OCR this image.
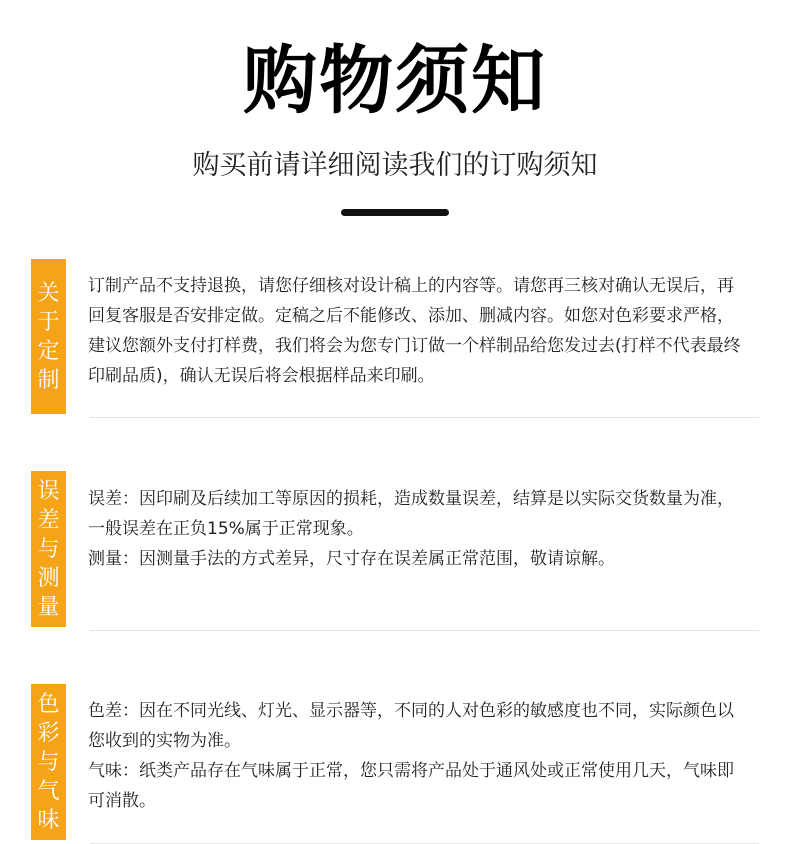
购物须知
购买前请详细阅读我们的订购须知
关
于
定
制

订制产品不支持退换，请您仔细核对设计稿上的内容等。请您再三核对确认无误后，再回复客服是否安排定做。定稿之后不能修改、添加、删减内容。如您对色彩要求严格，建议您额外支付打样费，我们将会为您专门订做一个样制品给您发过去(打样不代表最终印刷品质)，确认无误后将会根据样品来印刷。

误
差
与
测
量

误差：因印刷及后续加工等原因的损耗，造成数量误差，结算是以实际交货数量为准，一般误差在正负15%属于正常现象。

测量：因测量手法的方式差异，尺寸存在误差属正常范围，敬请谅解。

色
彩
与
气
味

色差：因在不同光线、灯光、显示器等，不同的人对色彩的敏感度也不同，实际颜色以您收到的实物为准。

气味：纸类产品存在气味属于正常，您只需将产品处于通风处或正常使用几天，气味即可消散。
